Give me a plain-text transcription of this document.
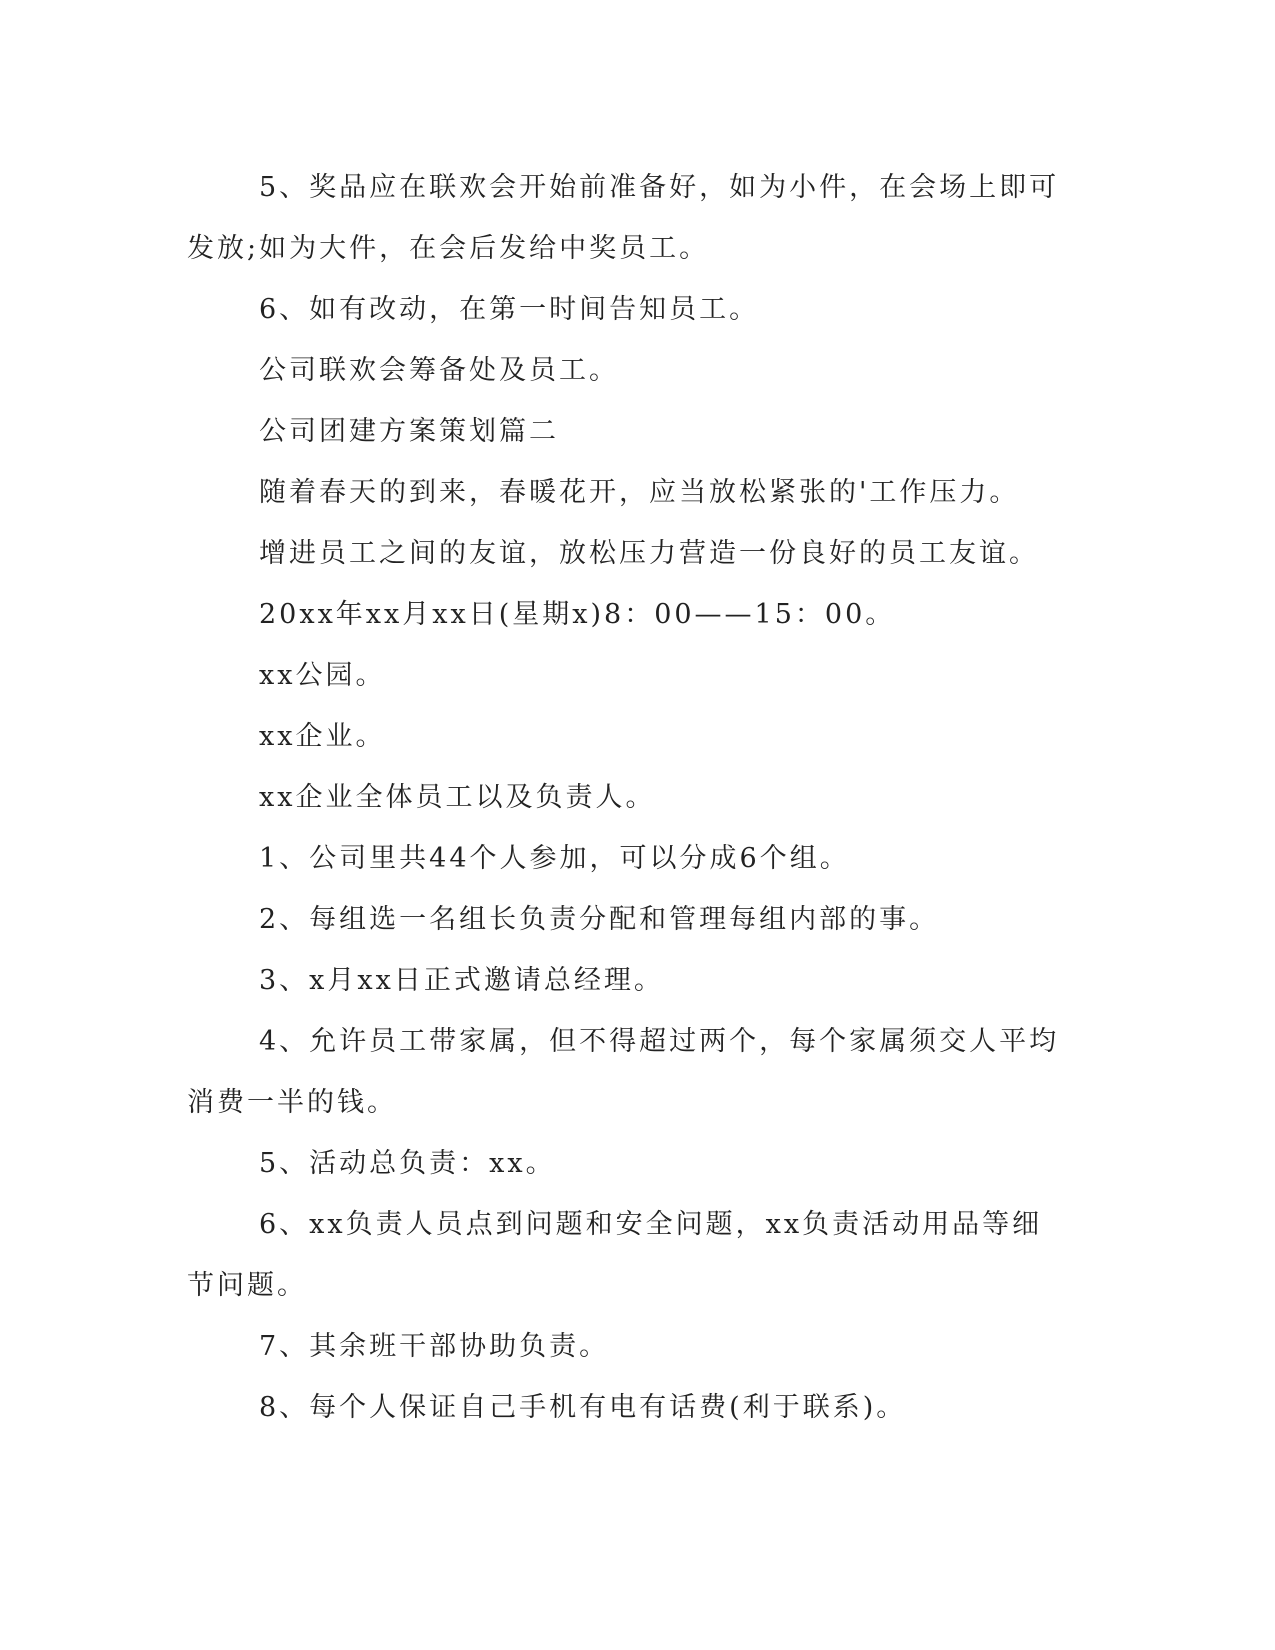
5、奖品应在联欢会开始前准备好，如为小件，在会场上即可发放;如为大件，在会后发给中奖员工。

6、如有改动，在第一时间告知员工。

公司联欢会筹备处及员工。

公司团建方案策划篇二

随着春天的到来，春暖花开，应当放松紧张的'工作压力。

增进员工之间的友谊，放松压力营造一份良好的员工友谊。

20xx年xx月xx日(星期x)8：00——15：00。

xx公园。

xx企业。

xx企业全体员工以及负责人。

1、公司里共44个人参加，可以分成6个组。

2、每组选一名组长负责分配和管理每组内部的事。

3、x月xx日正式邀请总经理。

4、允许员工带家属，但不得超过两个，每个家属须交人平均消费一半的钱。

5、活动总负责：xx。

6、xx负责人员点到问题和安全问题，xx负责活动用品等细节问题。

7、其余班干部协助负责。

8、每个人保证自己手机有电有话费(利于联系)。
